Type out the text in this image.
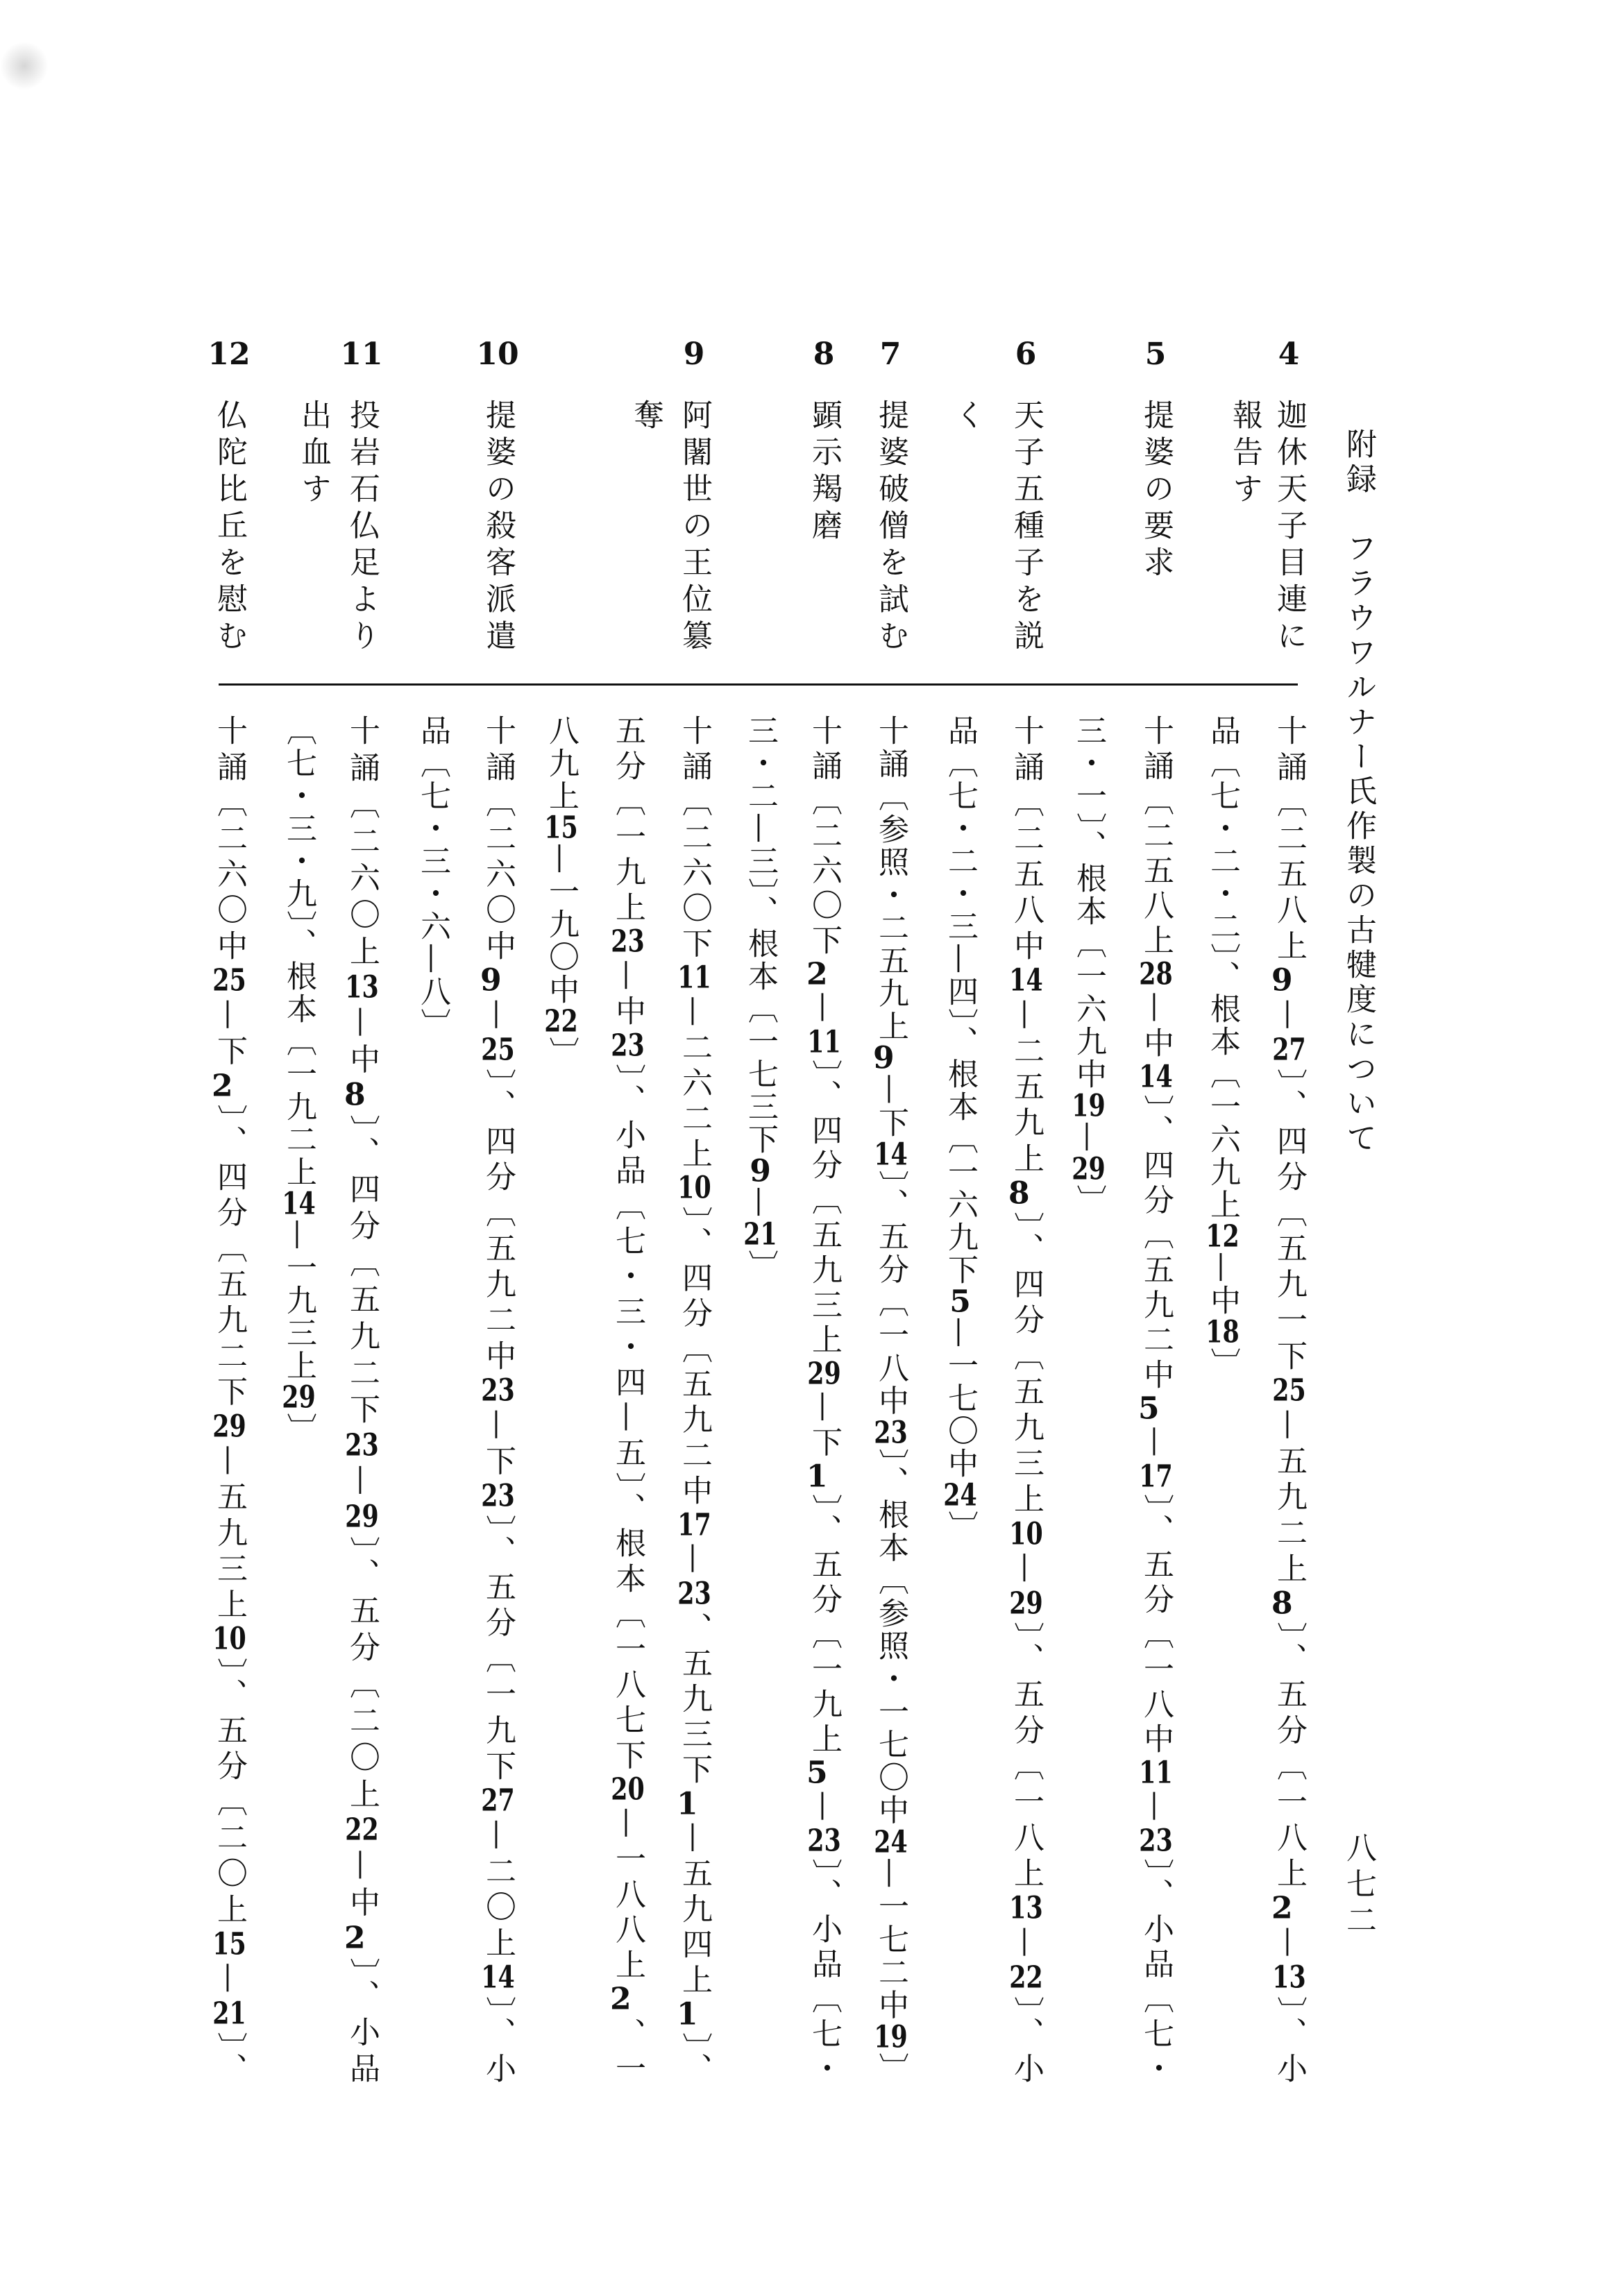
附録　フラウワルナー氏作製の古犍度について
八七二
4
迦休天子目連に
報告す
十誦〔二五八上9—27〕、四分〔五九一下25—五九二上8〕、五分〔一八上2—13〕、小
品〔七・二・二〕、根本〔一六九上12—中18〕
5
提婆の要求
十誦〔二五八上28—中14〕、四分〔五九二中5—17〕、五分〔一八中11—23〕、小品〔七・
三・一〕、根本〔一六九中19—29〕
6
天子五種子を説
く
十誦〔二五八中14—二五九上8〕、四分〔五九三上10—29〕、五分〔一八上13—22〕、小
品〔七・二・三—四〕、根本〔一六九下5—一七〇中24〕
7
提婆破僧を試む
十誦〔参照・二五九上9—下14〕、五分〔一八中23〕、根本〔参照・一七〇中24—一七二中19〕
8
顕示羯磨
十誦〔二六〇下2—11〕、四分〔五九三上29—下1〕、五分〔一九上5—23〕、小品〔七・
三・二—三〕、根本〔一七三下9—21〕
9
阿闍世の王位簒
奪
十誦〔二六〇下11—二六二上10〕、四分〔五九二中17—23、五九三下1—五九四上1〕、
五分〔一九上23—中23〕、小品〔七・三・四—五〕、根本〔一八七下20—一八八上2、一
八九上15—一九〇中22〕
10
提婆の殺客派遣
十誦〔二六〇中9—25〕、四分〔五九二中23—下23〕、五分〔一九下27—二〇上14〕、小
品〔七・三・六—八〕
11
投岩石仏足より
出血す
十誦〔二六〇上13—中8〕、四分〔五九二下23—29〕、五分〔二〇上22—中2〕、小品
〔七・三・九〕、根本〔一九二上14—一九三上29〕
12
仏陀比丘を慰む
十誦〔二六〇中25—下2〕、四分〔五九二下29—五九三上10〕、五分〔二〇上15—21〕、
